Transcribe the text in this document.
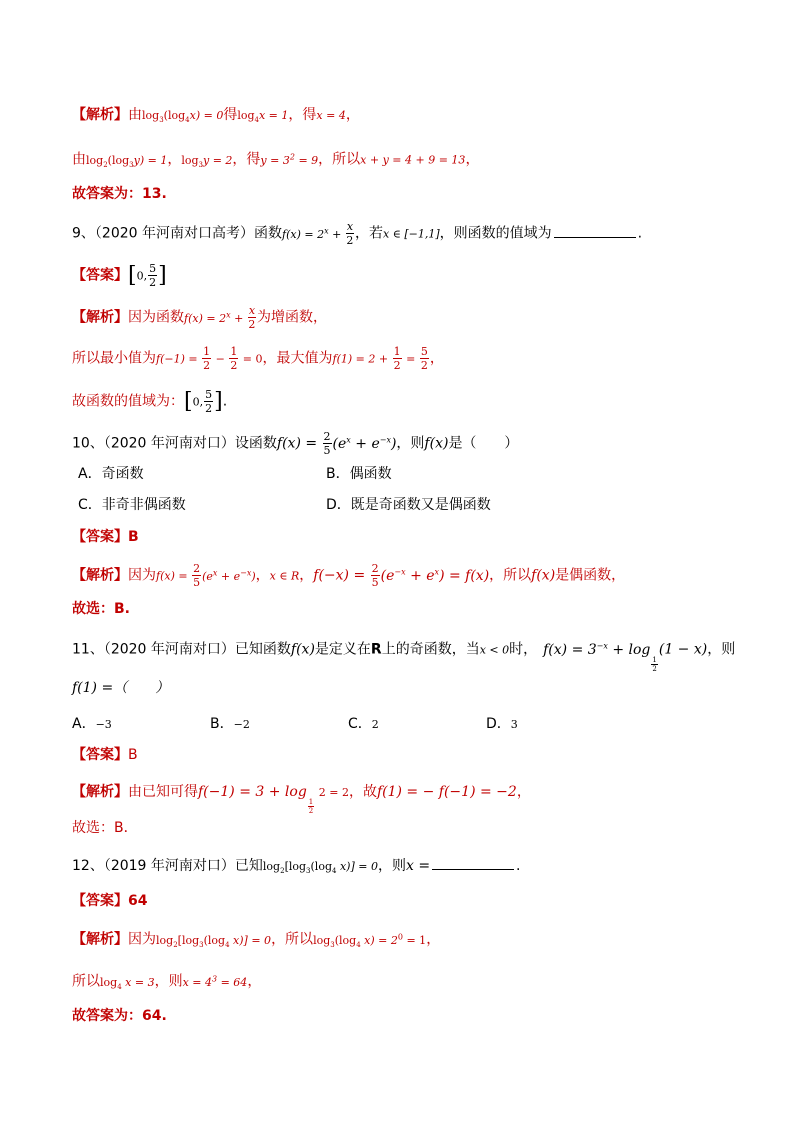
【解析】由$\log_3(\log_4x) = 0$得$\log_4x = 1$，得x = 4，
由$\log_2(\log_3y) = 1$，$\log_3y = 2$，得$y = 3^2 = 9$，所以x + y = 4 + 9 = 13，
故答案为：13.
9、（2020 年河南对口高考）函数$f(x) = 2^x + \frac{x}{2}$ ，若x ∈ [−1,1]，则函数的值域为	.
【答案】[0, $\frac{5}{2}$ ]
【解析】因为函数$f(x) = 2^x + \frac{x}{2}$ 为增函数，
所以最小值为$f(-1) = \frac{1}{2} - \frac{1}{2} = 0$，最大值为$f(1) = 2 + \frac{1}{2} = \frac{5}{2}$ ，
故函数的值域为：[0, $\frac{5}{2}$ ].
10、（2020 年河南对口）设函数$f(x) = \frac{2}{5} (e^x + e^{-x})$，则f(x)是（　　）
A．奇函数	B．偶函数
C．非奇非偶函数	D．既是奇函数又是偶函数
【答案】B
【解析】因为$f(x) = \frac{2}{5} (e^x + e^{-x})$，x ∈ R，$f(-x) = \frac{2}{5} (e^{-x} + e^x) = f(x)$，所以f(x)是偶函数，
故选：B.
11、（2020 年河南对口）已知函数f(x)是定义在R上的奇函数，当x < 0时， $f(x) = 3^{-x} + \log$
$\frac{1}{2}$
(1 − x)，则
f(1) =（　　）
A．−3	B．−2	C．2	D．3
【答案】B
【解析】由已知可得f(−1) = 3 + log
$\frac{1}{2}$
2 = 2，故f(1) = − f(−1) = −2，
故选：B．
12、（2019 年河南对口）已知$\log_2[\log_3(\log_4$ x)] = 0，则x =	.
【答案】64
【解析】因为$\log_2[\log_3(\log_4$ x)] = 0，所以$\log_3(\log_4$ $x) = 2^0 = 1$，
所以$\log_4 x = 3$，则$x = 4^3 = 64$，
故答案为：64.
